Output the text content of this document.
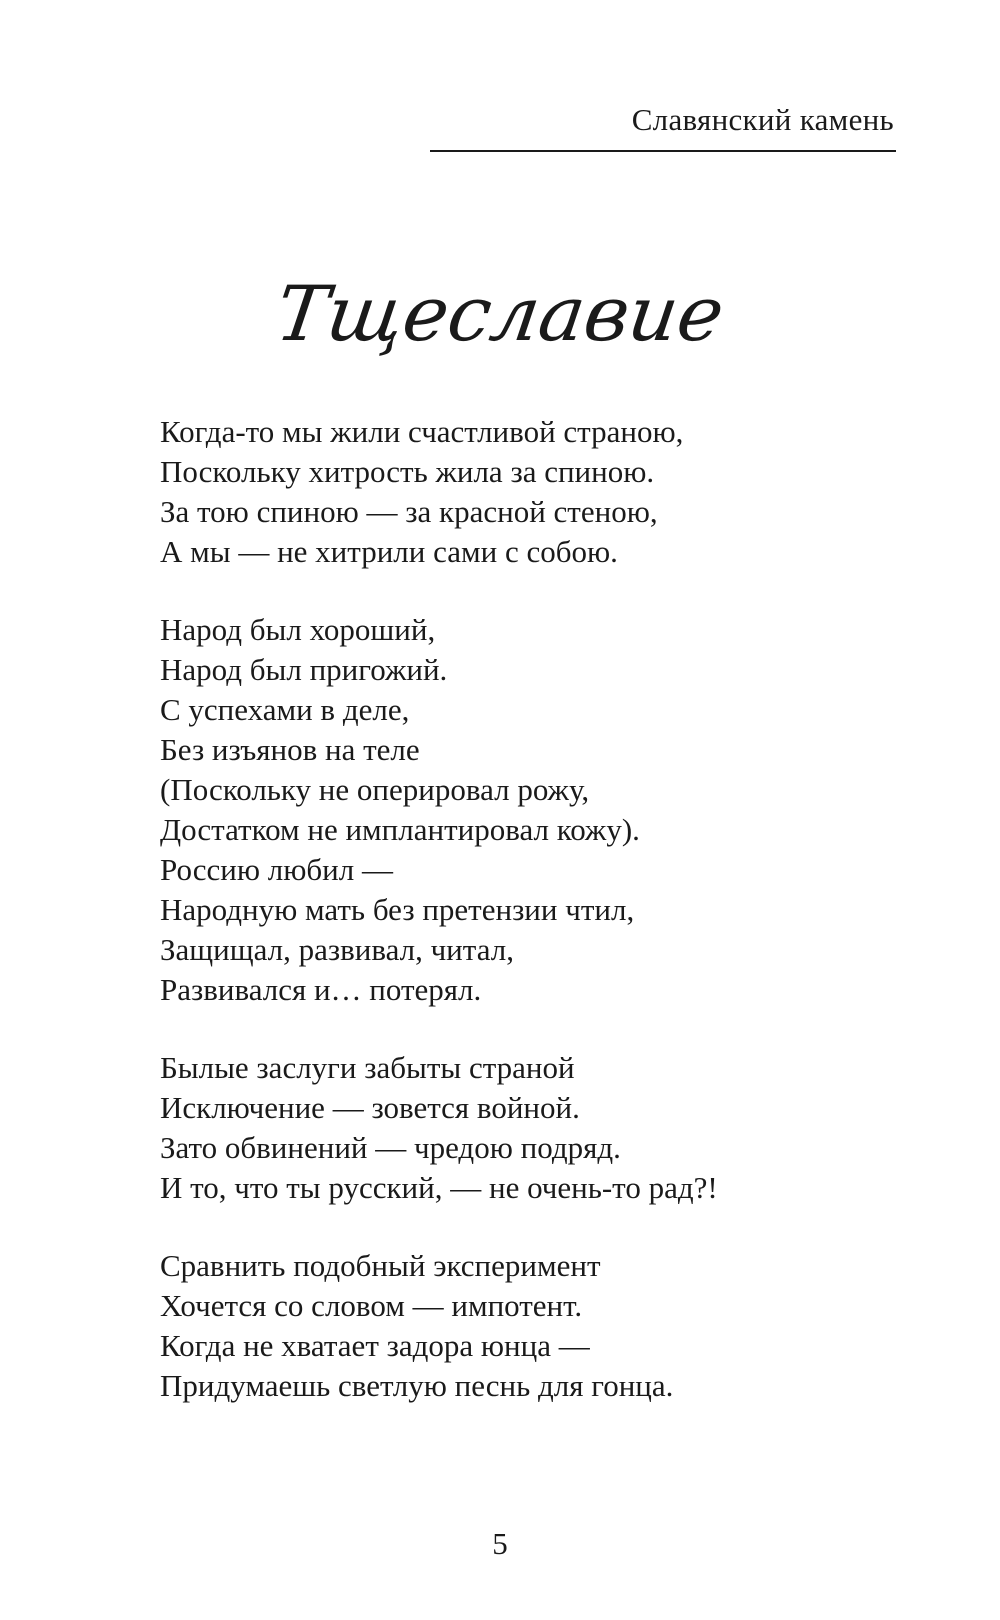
Славянский камень
Тщеславие
Когда-то мы жили счастливой страною,
Поскольку хитрость жила за спиною.
За тою спиною — за красной стеною,
А мы — не хитрили сами с собою.
Народ был хороший,
Народ был пригожий.
С успехами в деле,
Без изъянов на теле
(Поскольку не оперировал рожу,
Достатком не имплантировал кожу).
Россию любил —
Народную мать без претензии чтил,
Защищал, развивал, читал,
Развивался и… потерял.
Былые заслуги забыты страной
Исключение — зовется войной.
Зато обвинений — чредою подряд.
И то, что ты русский, — не очень-то рад?!
Сравнить подобный эксперимент
Хочется со словом — импотент.
Когда не хватает задора юнца —
Придумаешь светлую песнь для гонца.
5
